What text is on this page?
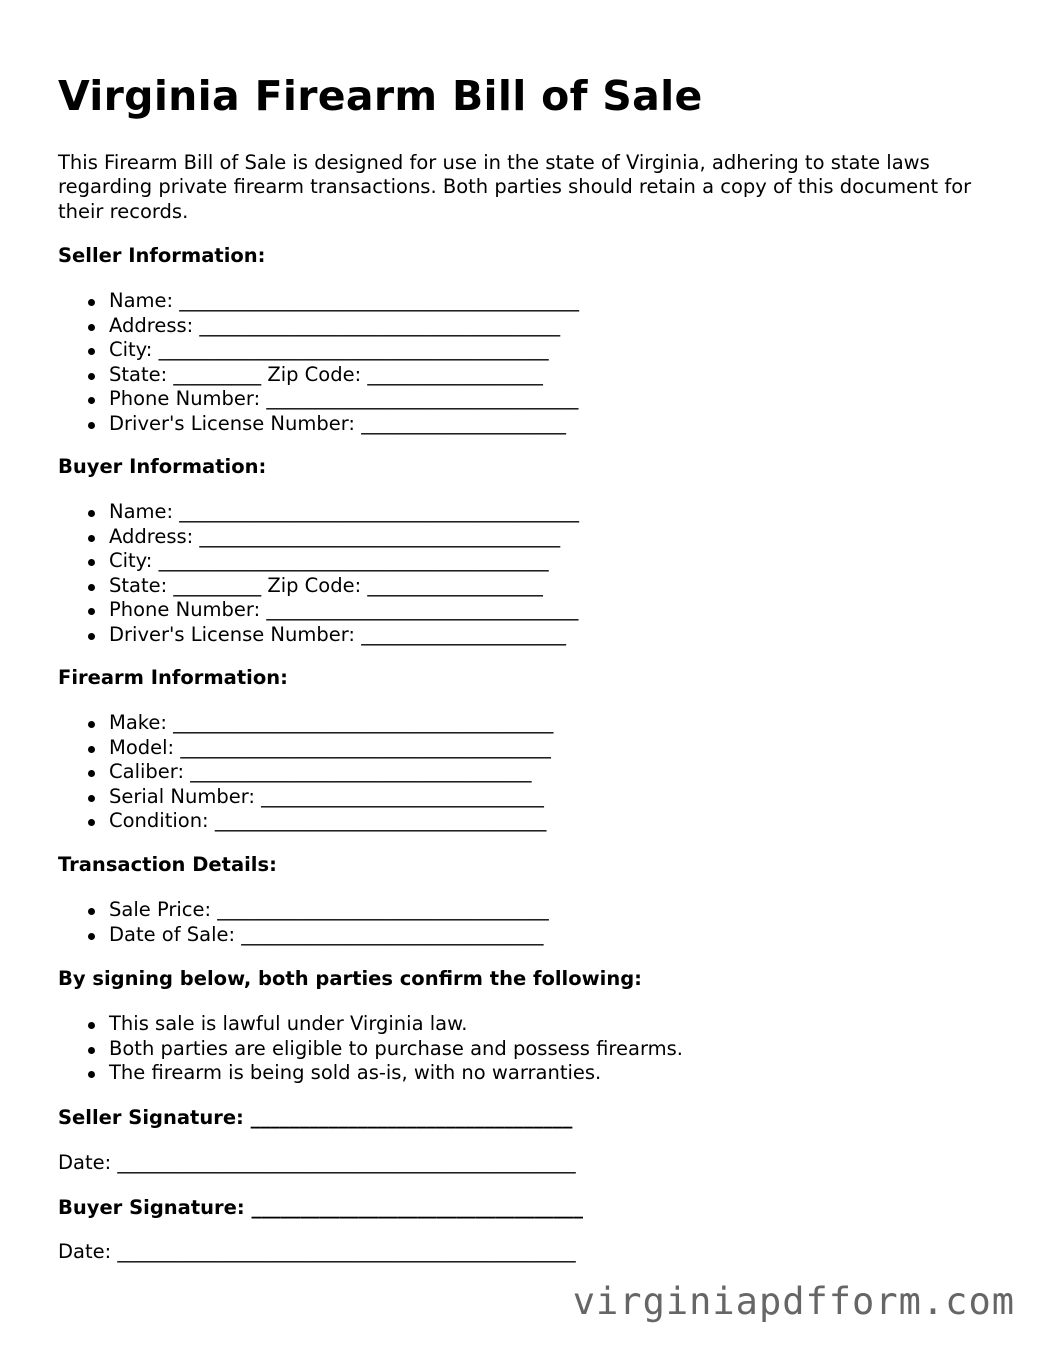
Virginia Firearm Bill of Sale

This Firearm Bill of Sale is designed for use in the state of Virginia, adhering to state laws regarding private firearm transactions. Both parties should retain a copy of this document for their records.

Seller Information:
Name: _________________________________________
Address: _____________________________________
City: ________________________________________
State: _________ Zip Code: __________________
Phone Number: ________________________________
Driver's License Number: _____________________
Buyer Information:
Name: _________________________________________
Address: _____________________________________
City: ________________________________________
State: _________ Zip Code: __________________
Phone Number: ________________________________
Driver's License Number: _____________________
Firearm Information:
Make: _______________________________________
Model: ______________________________________
Caliber: ___________________________________
Serial Number: _____________________________
Condition: __________________________________
Transaction Details:
Sale Price: __________________________________
Date of Sale: _______________________________
By signing below, both parties confirm the following:
This sale is lawful under Virginia law.
Both parties are eligible to purchase and possess firearms.
The firearm is being sold as-is, with no warranties.
Seller Signature: _________________________________
Date: _______________________________________________
Buyer Signature: __________________________________
Date: _______________________________________________
virginiapdfform.com
